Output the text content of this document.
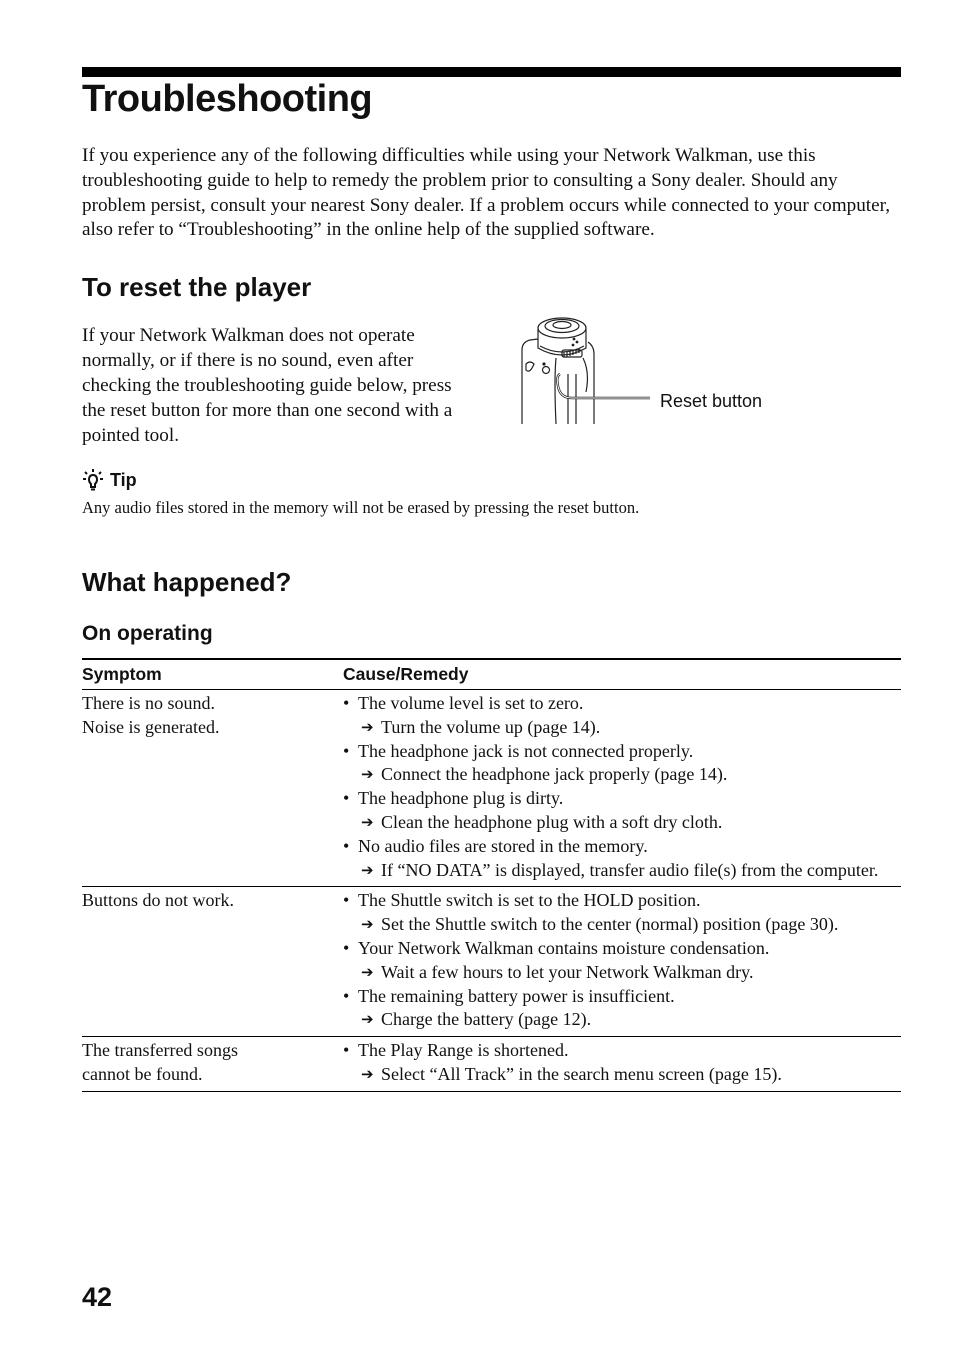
Troubleshooting

If you experience any of the following difficulties while using your Network Walkman, use this troubleshooting guide to help to remedy the problem prior to consulting a Sony dealer. Should any problem persist, consult your nearest Sony dealer. If a problem occurs while connected to your computer, also refer to “Troubleshooting” in the online help of the supplied software.

To reset the player

If your Network Walkman does not operate normally, or if there is no sound, even after checking the troubleshooting guide below, press the reset button for more than one second with a pointed tool.

Reset button
Tip

Any audio files stored in the memory will not be erased by pressing the reset button.

What happened?
On operating
Symptom	Cause/Remedy
There is no sound.
Noise is generated.
• The volume level is set to zero.
➔ Turn the volume up (page 14).
• The headphone jack is not connected properly.
➔ Connect the headphone jack properly (page 14).
• The headphone plug is dirty.
➔ Clean the headphone plug with a soft dry cloth.
• No audio files are stored in the memory.
➔ If “NO DATA” is displayed, transfer audio file(s) from the computer.
Buttons do not work.	• The Shuttle switch is set to the HOLD position.
➔ Set the Shuttle switch to the center (normal) position (page 30).
• Your Network Walkman contains moisture condensation.
➔ Wait a few hours to let your Network Walkman dry.
• The remaining battery power is insufficient.
➔ Charge the battery (page 12).
The transferred songs
cannot be found.
• The Play Range is shortened.
➔ Select “All Track” in the search menu screen (page 15).
42
